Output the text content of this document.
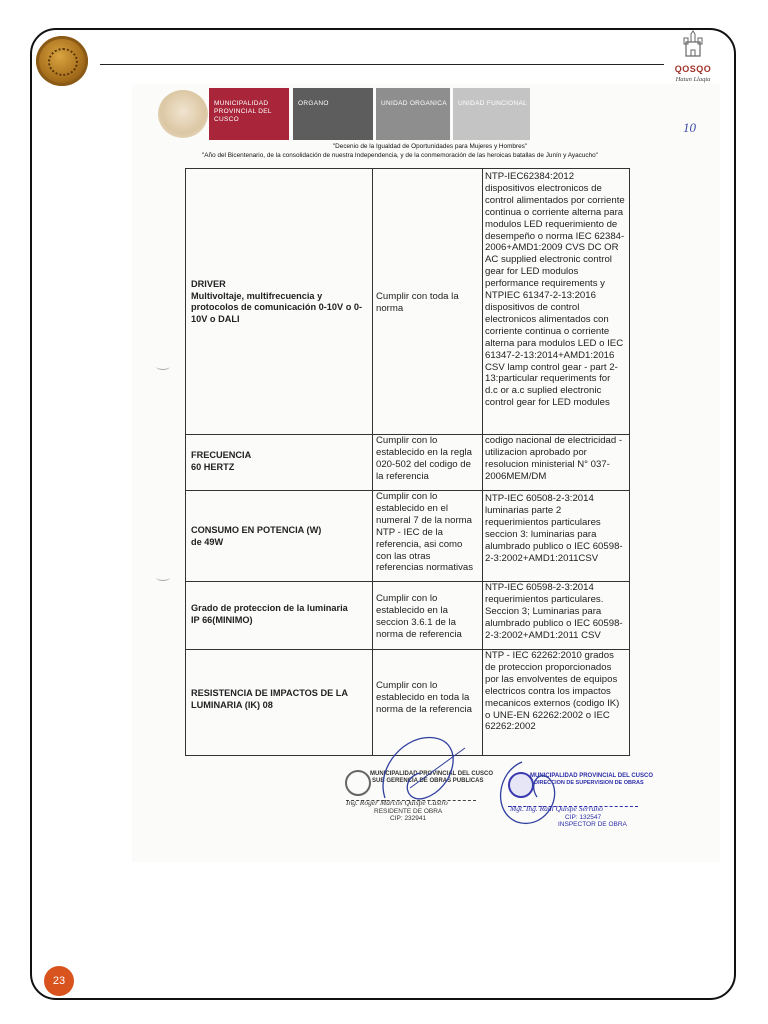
QOSQO
Hatun Llaqta
MUNICIPALIDAD PROVINCIAL DEL CUSCO
ORGANO	UNIDAD ORGANICA	UNIDAD FUNCIONAL
"Decenio de la Igualdad de Oportunidades para Mujeres y Hombres"
"Año del Bicentenario, de la consolidación de nuestra Independencia, y de la conmemoración de las heroicas batallas de Junín y Ayacucho"
10
DRIVER
Multivoltaje, multifrecuencia y protocolos de comunicación 0-10V o 0-10V o DALI
Cumplir con toda la norma
NTP-IEC62384:2012 dispositivos electronicos de control alimentados por corriente continua o corriente alterna para modulos LED requerimiento de desempeño o norma IEC 62384-2006+AMD1:2009 CVS DC OR AC supplied electronic control gear for LED modulos performance requirements y NTPIEC 61347-2-13:2016 dispositivos de control electronicos alimentados con corriente continua o corriente alterna para modulos LED o IEC 61347-2-13:2014+AMD1:2016 CSV lamp control gear - part 2-13:particular requeriments for d.c or a.c suplied electronic control gear for LED modules
FRECUENCIA
60 HERTZ
Cumplir con lo establecido en la regla 020-502 del codigo de la referencia
codigo nacional de electricidad - utilizacion aprobado por resolucion ministerial N° 037-2006MEM/DM
CONSUMO EN POTENCIA (W)
de 49W
Cumplir con lo establecido en el numeral 7 de la norma NTP - IEC de la referencia, asi como con las otras referencias normativas
NTP-IEC 60508-2-3:2014 luminarias parte 2 requerimientos particulares seccion 3: luminarias para alumbrado publico o IEC 60598-2-3:2002+AMD1:2011CSV
Grado de proteccion de la luminaria
IP 66(MINIMO)
Cumplir con lo establecido en la seccion 3.6.1 de la norma de referencia
NTP-IEC 60598-2-3:2014 requerimientos particulares. Seccion 3; Luminarias para alumbrado publico o IEC 60598-2-3:2002+AMD1:2011 CSV
RESISTENCIA DE IMPACTOS DE LA LUMINARIA (IK) 08
Cumplir con lo establecido en toda la norma de la referencia
NTP - IEC 62262:2010 grados de proteccion proporcionados por las envolventes de equipos electricos contra los impactos mecanicos externos (codigo IK) o UNE-EN 62262:2002 o IEC 62262:2002
MUNICIPALIDAD PROVINCIAL DEL CUSCO
SUB GERENCIA DE OBRAS PUBLICAS
Ing. Roger Marcos Quispe Castro
RESIDENTE DE OBRA
CIP: 232941
MUNICIPALIDAD PROVINCIAL DEL CUSCO
DIRECCION DE SUPERVISION DE OBRAS
Mgt. Ing. Raúl Quispe Serrano
CIP: 132547
INSPECTOR DE OBRA
23
